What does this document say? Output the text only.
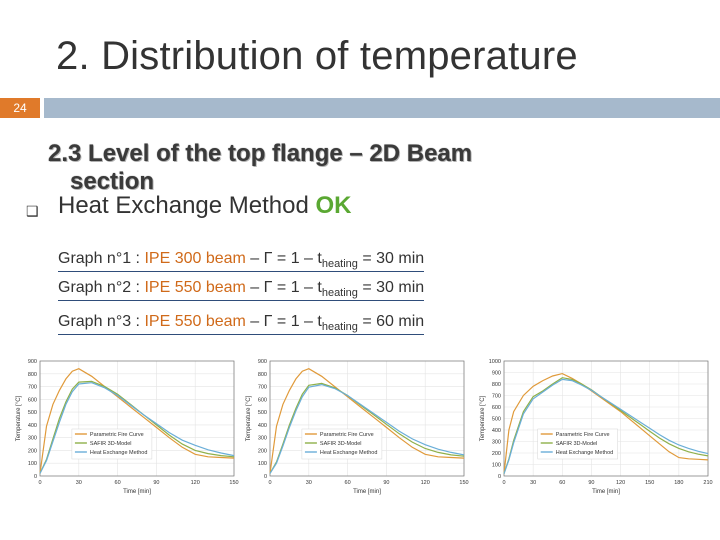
2. Distribution of temperature
24
2.3 Level of the top flange – 2D Beam
section
❑ Heat Exchange Method OK
Graph n°1 : IPE 300 beam – $\Gamma = 1 - t_{heating} = 30$ min
Graph n°2 : IPE 550 beam – $\Gamma = 1 - t_{heating} = 30$ min
Graph n°3 : IPE 550 beam – $\Gamma = 1 - t_{heating} = 60$ min
0
100
200
300
400
500
600
700
800
900
0	30	60	90	120	150
Time [min]
Temperature [°C]	Parametric Fire Curve
SAFIR 3D-Model
Heat Exchange Method
0
100
200
300
400
500
600
700
800
900
0	30	60	90	120	150
Time [min]
Temperature [°C]	Parametric Fire Curve
SAFIR 3D-Model
Heat Exchange Method
0
100
200
300
400
500
600
700
800
900
1000
0	30	60	90	120	150	180	210
Time [min]
Temperature [°C]	Parametric Fire Curve
SAFIR 3D-Model
Heat Exchange Method
